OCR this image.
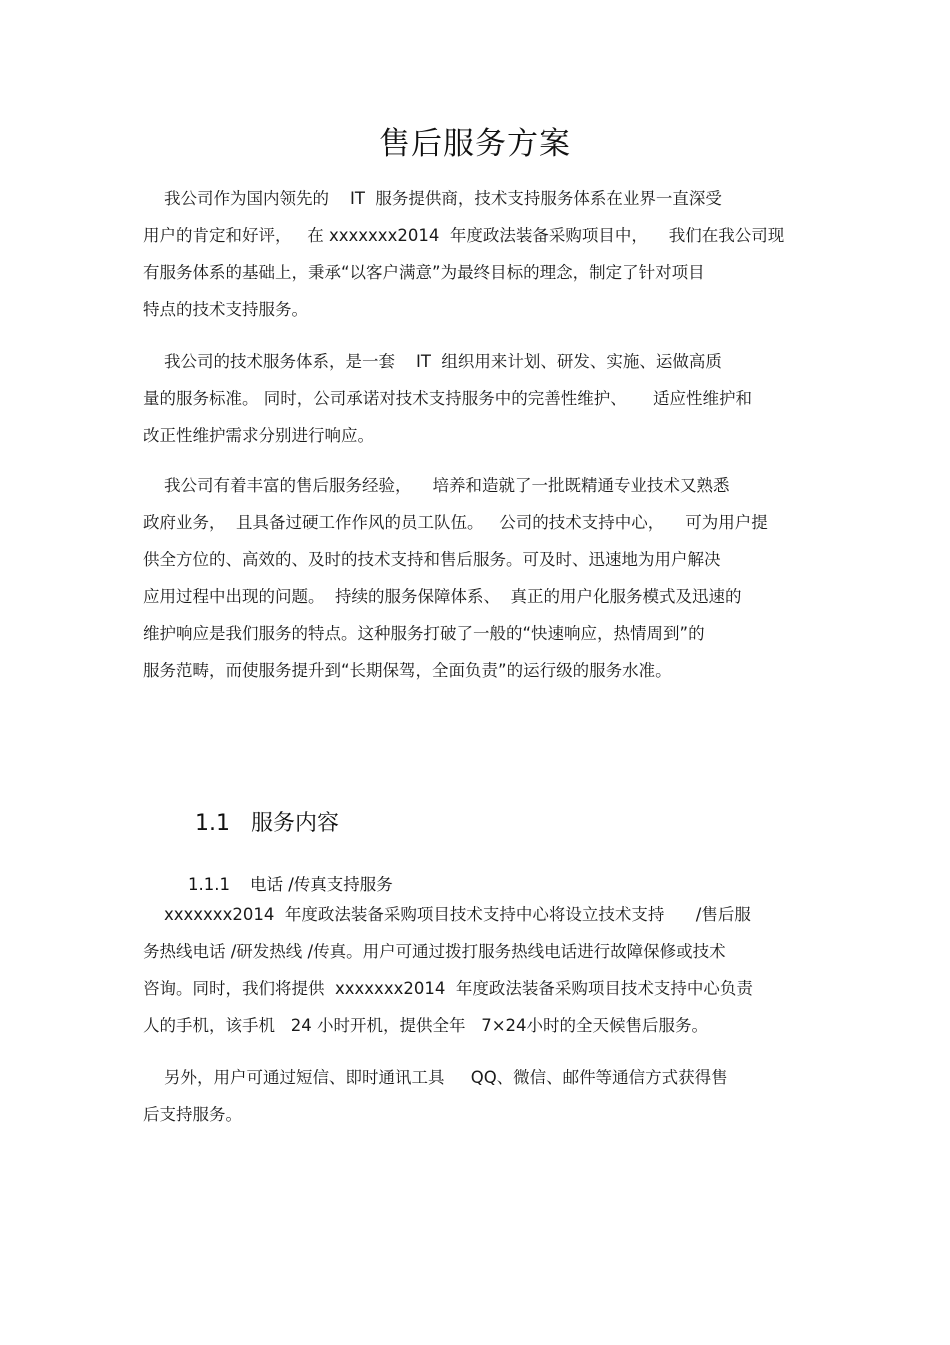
售后服务方案
我公司作为国内领先的    IT  服务提供商，技术支持服务体系在业界一直深受
用户的肯定和好评，   在 xxxxxxx2014  年度政法装备采购项目中，    我们在我公司现
有服务体系的基础上，秉承“以客户满意”为最终目标的理念，制定了针对项目
特点的技术支持服务。
我公司的技术服务体系，是一套    IT  组织用来计划、研发、实施、运做高质
量的服务标准。 同时，公司承诺对技术支持服务中的完善性维护、     适应性维护和
改正性维护需求分别进行响应。
我公司有着丰富的售后服务经验，    培养和造就了一批既精通专业技术又熟悉
政府业务，  且具备过硬工作作风的员工队伍。   公司的技术支持中心，    可为用户提
供全方位的、高效的、及时的技术支持和售后服务。可及时、迅速地为用户解决
应用过程中出现的问题。  持续的服务保障体系、  真正的用户化服务模式及迅速的
维护响应是我们服务的特点。这种服务打破了一般的“快速响应，热情周到”的
服务范畴，而使服务提升到“长期保驾，全面负责”的运行级的服务水准。

1.1 服务内容

1.1.1 电话 /传真支持服务

xxxxxxx2014  年度政法装备采购项目技术支持中心将设立技术支持      /售后服
务热线电话 /研发热线 /传真。用户可通过拨打服务热线电话进行故障保修或技术
咨询。同时，我们将提供  xxxxxxx2014  年度政法装备采购项目技术支持中心负责
人的手机，该手机   24 小时开机，提供全年   7×24小时的全天候售后服务。
另外，用户可通过短信、即时通讯工具     QQ、微信、邮件等通信方式获得售
后支持服务。
